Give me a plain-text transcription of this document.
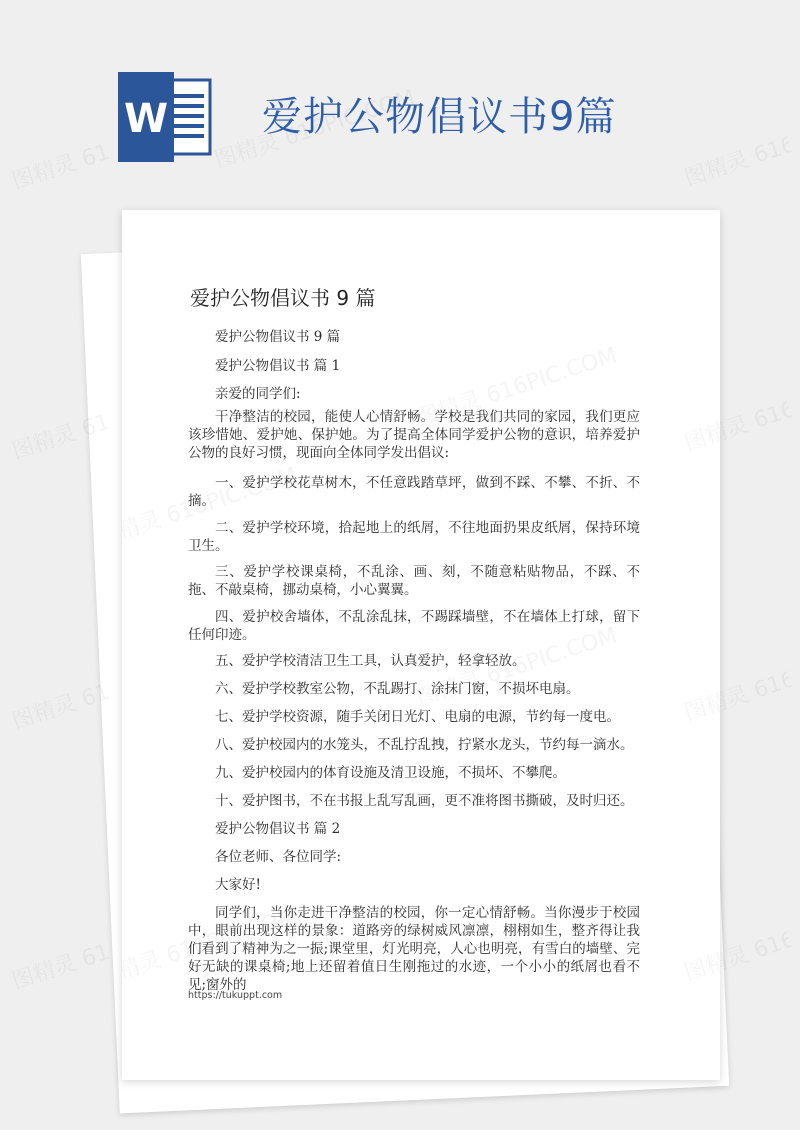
W 爱护公物倡议书9篇
爱护公物倡议书 9 篇

爱护公物倡议书 9 篇

爱护公物倡议书 篇 1

亲爱的同学们:

干净整洁的校园，能使人心情舒畅。学校是我们共同的家园，我们更应该珍惜她、爱护她、保护她。为了提高全体同学爱护公物的意识，培养爱护公物的良好习惯，现面向全体同学发出倡议:

一、爱护学校花草树木，不任意践踏草坪，做到不踩、不攀、不折、不摘。

二、爱护学校环境，拾起地上的纸屑，不往地面扔果皮纸屑，保持环境卫生。

三、爱护学校课桌椅，不乱涂、画、刻，不随意粘贴物品，不踩、不拖、不敲桌椅，挪动桌椅，小心翼翼。

四、爱护校舍墙体，不乱涂乱抹，不踢踩墙壁，不在墙体上打球，留下任何印迹。

五、爱护学校清洁卫生工具，认真爱护，轻拿轻放。

六、爱护学校教室公物，不乱踢打、涂抹门窗，不损坏电扇。

七、爱护学校资源，随手关闭日光灯、电扇的电源，节约每一度电。

八、爱护校园内的水笼头，不乱拧乱拽，拧紧水龙头，节约每一滴水。

九、爱护校园内的体育设施及清卫设施，不损坏、不攀爬。

十、爱护图书，不在书报上乱写乱画，更不准将图书撕破，及时归还。

爱护公物倡议书 篇 2

各位老师、各位同学:

大家好!

同学们，当你走进干净整洁的校园，你一定心情舒畅。当你漫步于校园中，眼前出现这样的景象：道路旁的绿树威风凛凛，栩栩如生，整齐得让我们看到了精神为之一振;课堂里，灯光明亮，人心也明亮，有雪白的墙壁、完好无缺的课桌椅;地上还留着值日生刚拖过的水迹，一个小小的纸屑也看不见;窗外的

https://tukuppt.com
